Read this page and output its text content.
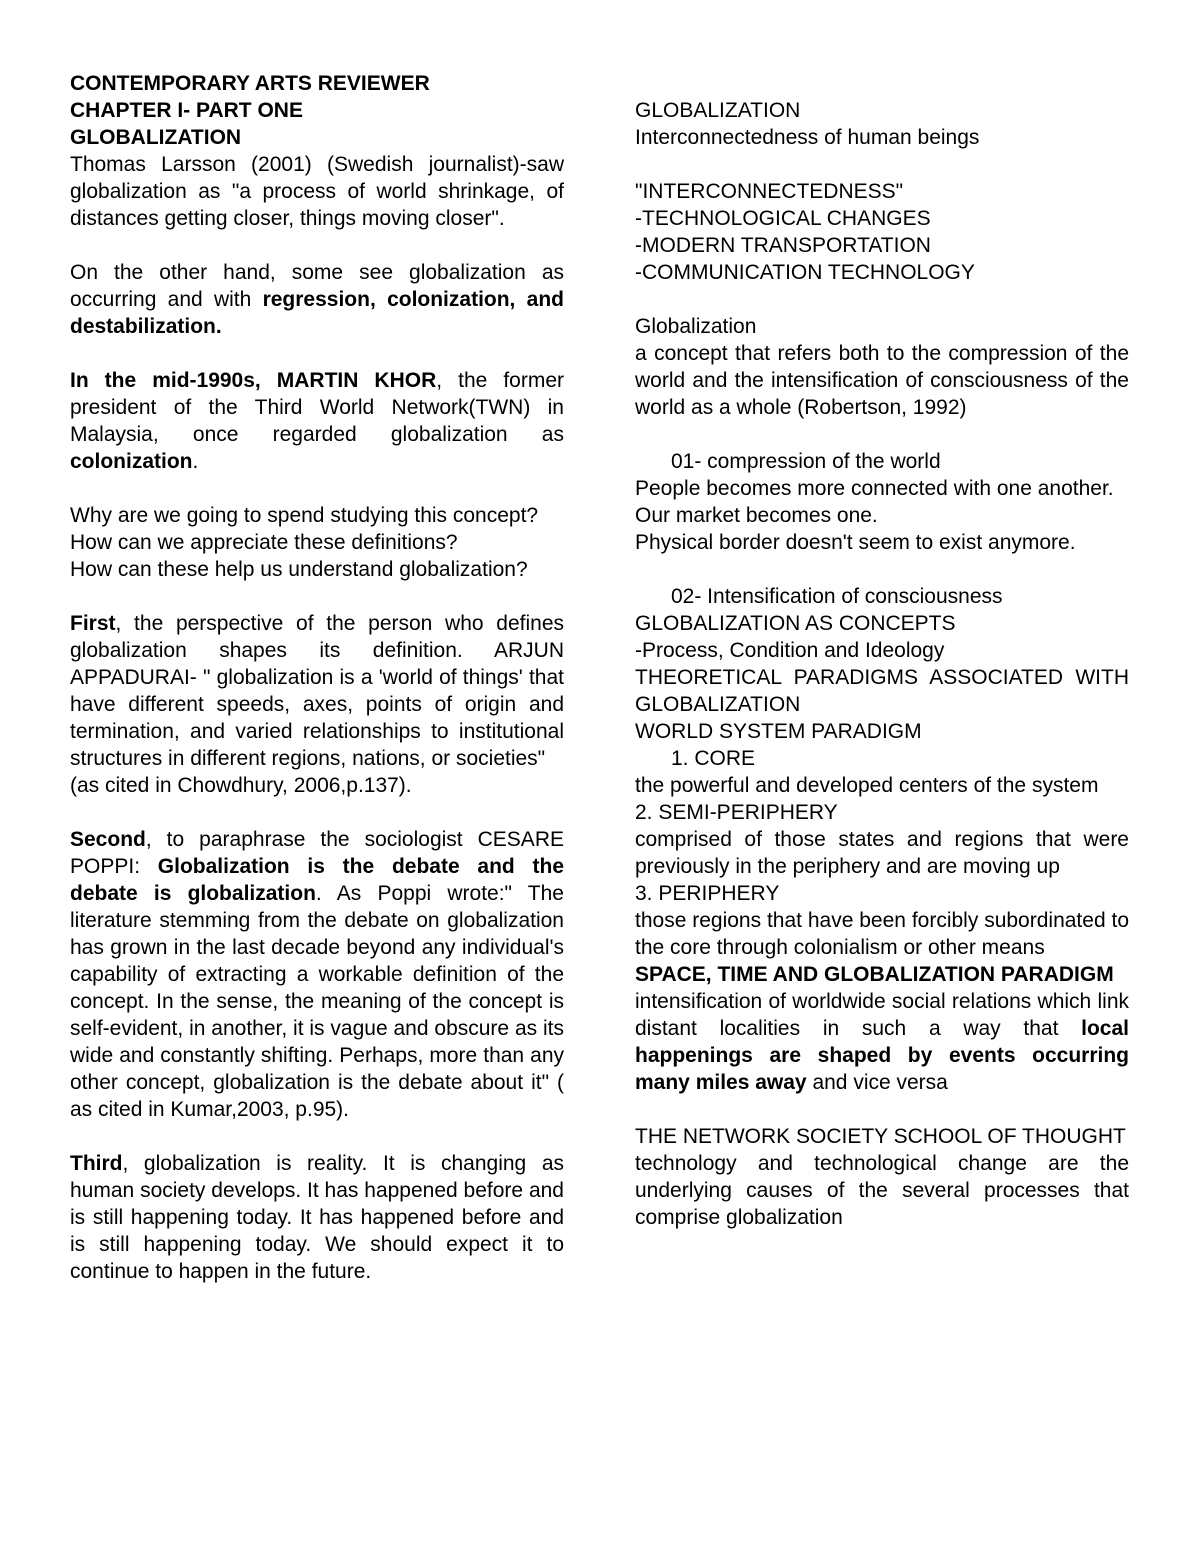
CONTEMPORARY ARTS REVIEWER

CHAPTER I- PART ONE

GLOBALIZATION

Thomas Larsson (2001) (Swedish journalist)-saw globalization as "a process of world shrinkage, of distances getting closer, things moving closer".

On the other hand, some see globalization as occurring and with regression, colonization, and destabilization.

In the mid-1990s, MARTIN KHOR, the former president of the Third World Network(TWN) in Malaysia, once regarded globalization as colonization.

Why are we going to spend studying this concept?

How can we appreciate these definitions?

How can these help us understand globalization?

First, the perspective of the person who defines globalization shapes its definition. ARJUN APPADURAI- " globalization is a 'world of things' that have different speeds, axes, points of origin and termination, and varied relationships to institutional structures in different regions, nations, or societies"

(as cited in Chowdhury, 2006,p.137).

Second, to paraphrase the sociologist CESARE POPPI: Globalization is the debate and the debate is globalization. As Poppi wrote:" The literature stemming from the debate on globalization has grown in the last decade beyond any individual's capability of extracting a workable definition of the concept. In the sense, the meaning of the concept is self-evident, in another, it is vague and obscure as its wide and constantly shifting. Perhaps, more than any other concept, globalization is the debate about it" ( as cited in Kumar,2003, p.95).

Third, globalization is reality. It is changing as human society develops. It has happened before and is still happening today. It has happened before and is still happening today. We should expect it to continue to happen in the future.

GLOBALIZATION

Interconnectedness of human beings

"INTERCONNECTEDNESS"

-TECHNOLOGICAL CHANGES

-MODERN TRANSPORTATION

-COMMUNICATION TECHNOLOGY

Globalization

a concept that refers both to the compression of the world and the intensification of consciousness of the world as a whole (Robertson, 1992)

01- compression of the world

People becomes more connected with one another.

Our market becomes one.

Physical border doesn't seem to exist anymore.

02- Intensification of consciousness

GLOBALIZATION AS CONCEPTS

-Process, Condition and Ideology

THEORETICAL PARADIGMS ASSOCIATED WITH GLOBALIZATION

WORLD SYSTEM PARADIGM

1. CORE

the powerful and developed centers of the system

2. SEMI-PERIPHERY

comprised of those states and regions that were previously in the periphery and are moving up

3. PERIPHERY

those regions that have been forcibly subordinated to the core through colonialism or other means

SPACE, TIME AND GLOBALIZATION PARADIGM

intensification of worldwide social relations which link distant localities in such a way that local happenings are shaped by events occurring many miles away and vice versa

THE NETWORK SOCIETY SCHOOL OF THOUGHT

technology and technological change are the underlying causes of the several processes that comprise globalization
